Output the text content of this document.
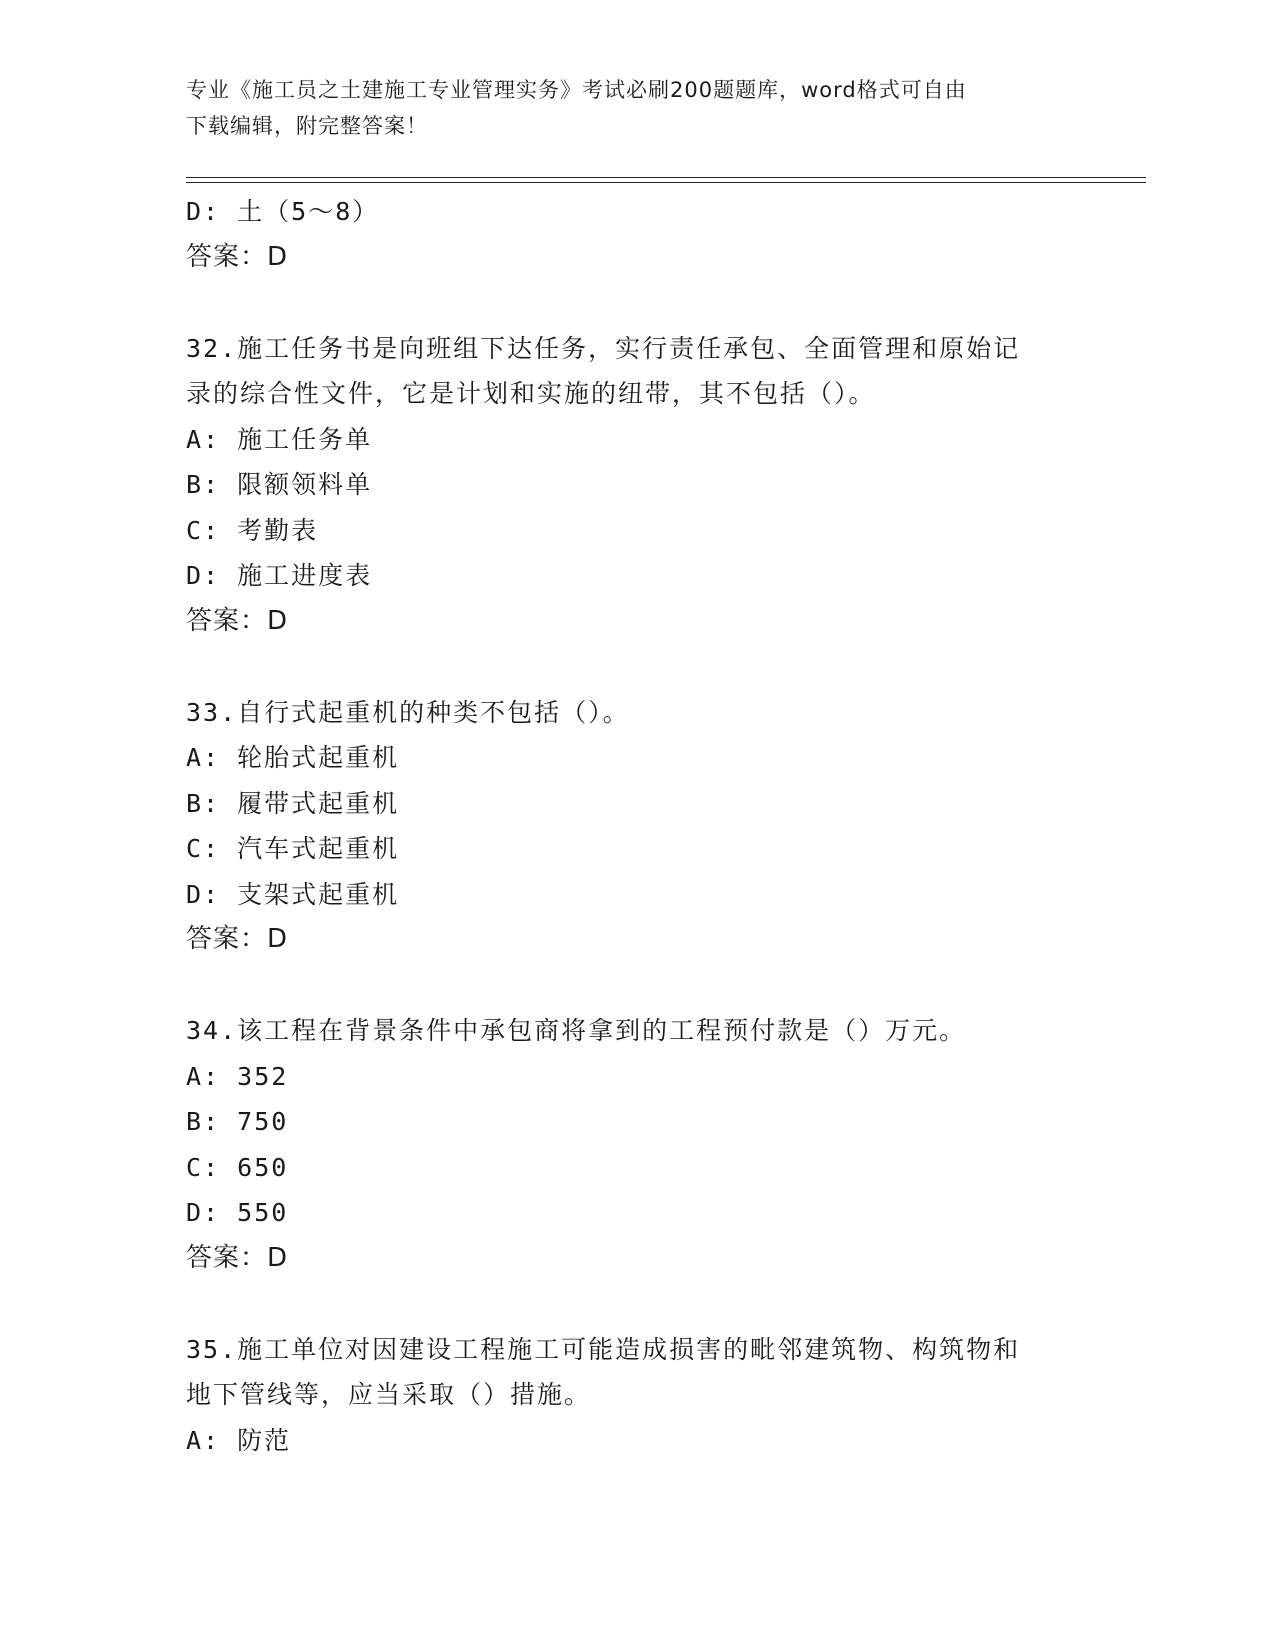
专业《施工员之土建施工专业管理实务》考试必刷200题题库，word格式可自由
下载编辑，附完整答案！
D: 土（5～8）
答案：D
32.施工任务书是向班组下达任务，实行责任承包、全面管理和原始记
录的综合性文件，它是计划和实施的纽带，其不包括（）。
A: 施工任务单
B: 限额领料单
C: 考勤表
D: 施工进度表
答案：D
33.自行式起重机的种类不包括（）。
A: 轮胎式起重机
B: 履带式起重机
C: 汽车式起重机
D: 支架式起重机
答案：D
34.该工程在背景条件中承包商将拿到的工程预付款是（）万元。
A: 352
B: 750
C: 650
D: 550
答案：D
35.施工单位对因建设工程施工可能造成损害的毗邻建筑物、构筑物和
地下管线等，应当采取（）措施。
A: 防范
